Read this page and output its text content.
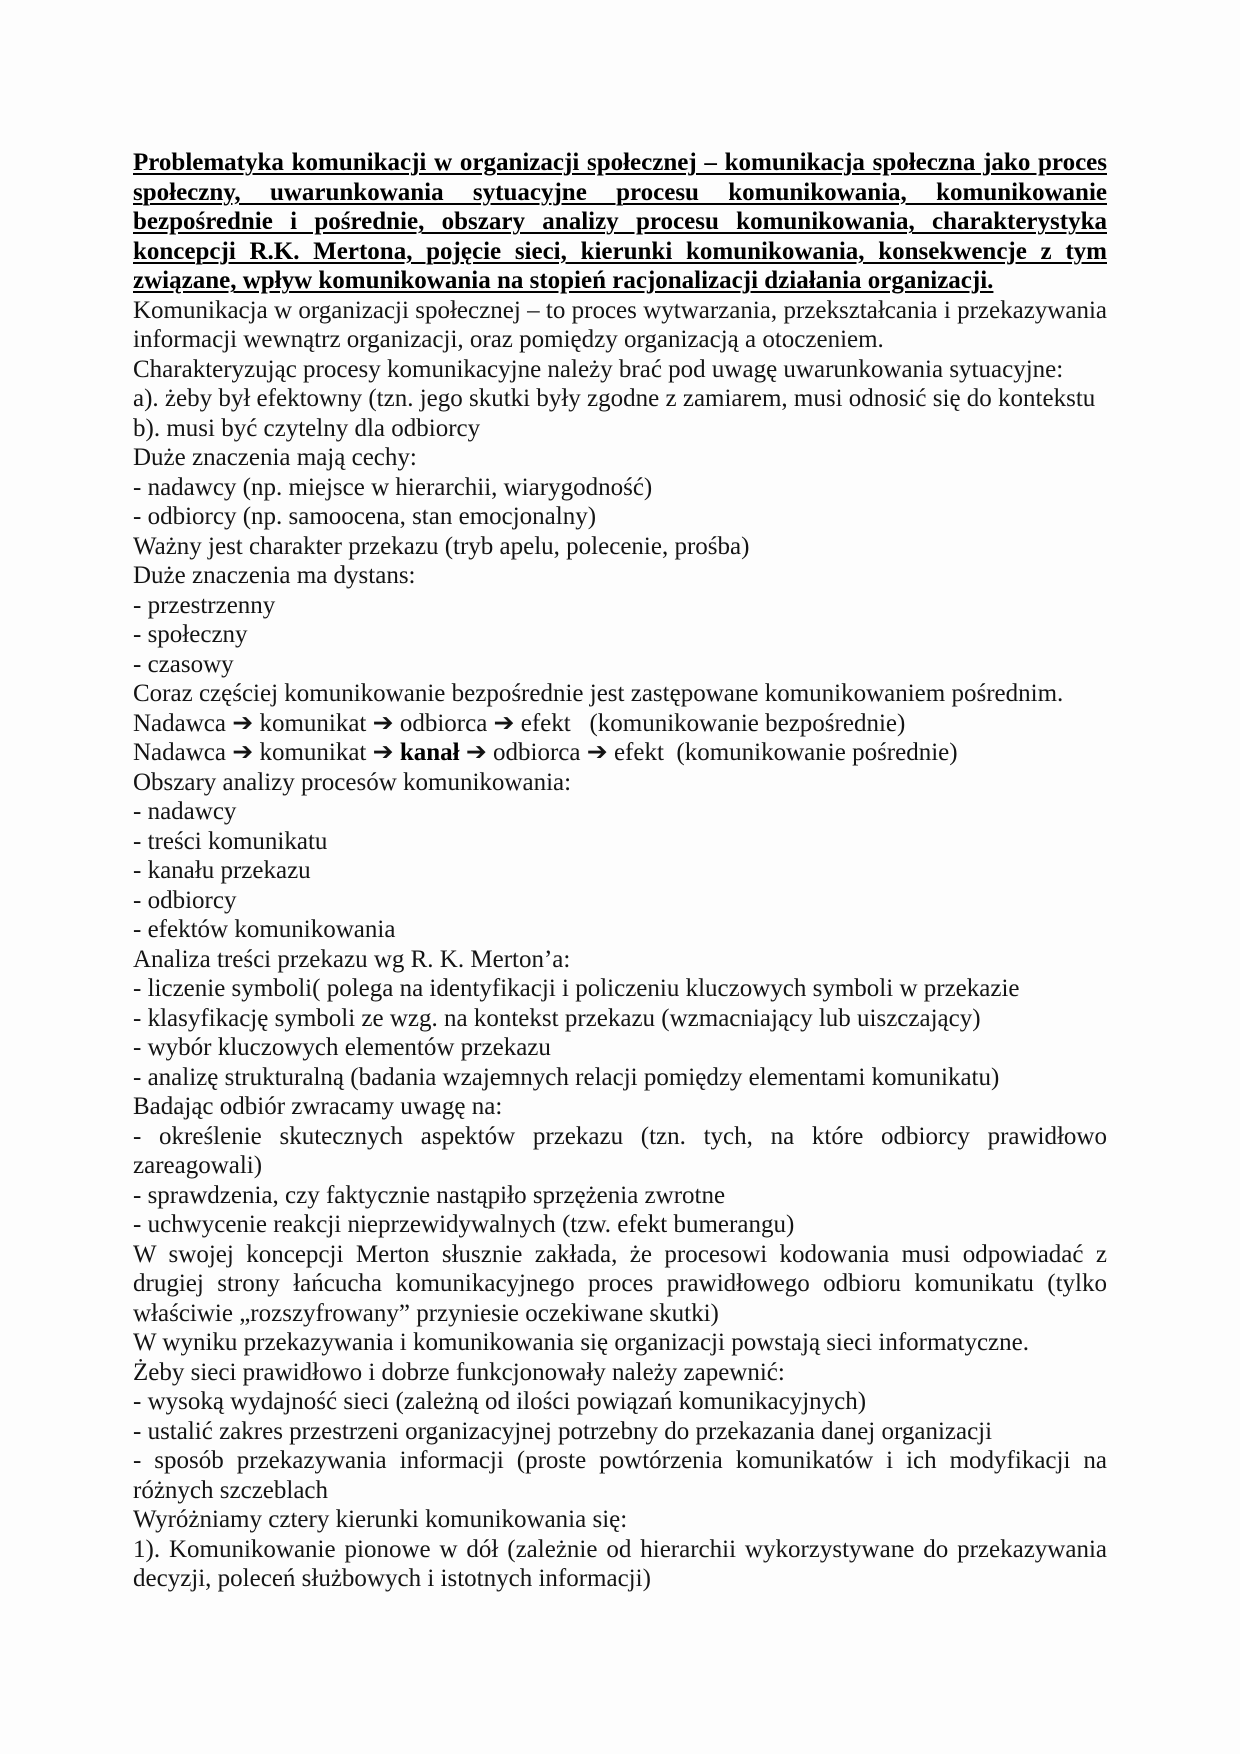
Problematyka komunikacji w organizacji społecznej – komunikacja społeczna jako proces społeczny, uwarunkowania sytuacyjne procesu komunikowania, komunikowanie bezpośrednie i pośrednie, obszary analizy procesu komunikowania, charakterystyka koncepcji R.K. Mertona, pojęcie sieci, kierunki komunikowania, konsekwencje z tym związane, wpływ komunikowania na stopień racjonalizacji działania organizacji.

Komunikacja w organizacji społecznej – to proces wytwarzania, przekształcania i przekazywania informacji wewnątrz organizacji, oraz pomiędzy organizacją a otoczeniem.

Charakteryzując procesy komunikacyjne należy brać pod uwagę uwarunkowania sytuacyjne:

a). żeby był efektowny (tzn. jego skutki były zgodne z zamiarem, musi odnosić się do kontekstu

b). musi być czytelny dla odbiorcy

Duże znaczenia mają cechy:

- nadawcy (np. miejsce w hierarchii, wiarygodność)

- odbiorcy (np. samoocena, stan emocjonalny)

Ważny jest charakter przekazu (tryb apelu, polecenie, prośba)

Duże znaczenia ma dystans:

- przestrzenny

- społeczny

- czasowy

Coraz częściej komunikowanie bezpośrednie jest zastępowane komunikowaniem pośrednim.

Nadawca ➔ komunikat ➔ odbiorca ➔ efekt   (komunikowanie bezpośrednie)

Nadawca ➔ komunikat ➔ kanał ➔ odbiorca ➔ efekt  (komunikowanie pośrednie)

Obszary analizy procesów komunikowania:

- nadawcy

- treści komunikatu

- kanału przekazu

- odbiorcy

- efektów komunikowania

Analiza treści przekazu wg R. K. Merton’a:

- liczenie symboli( polega na identyfikacji i policzeniu kluczowych symboli w przekazie

- klasyfikację symboli ze wzg. na kontekst przekazu (wzmacniający lub uiszczający)

- wybór kluczowych elementów przekazu

- analizę strukturalną (badania wzajemnych relacji pomiędzy elementami komunikatu)

Badając odbiór zwracamy uwagę na:

- określenie skutecznych aspektów przekazu (tzn. tych, na które odbiorcy prawidłowo zareagowali)

- sprawdzenia, czy faktycznie nastąpiło sprzężenia zwrotne

- uchwycenie reakcji nieprzewidywalnych (tzw. efekt bumerangu)

W swojej koncepcji Merton słusznie zakłada, że procesowi kodowania musi odpowiadać z drugiej strony łańcucha komunikacyjnego proces prawidłowego odbioru komunikatu (tylko właściwie „rozszyfrowany” przyniesie oczekiwane skutki)

W wyniku przekazywania i komunikowania się organizacji powstają sieci informatyczne.

Żeby sieci prawidłowo i dobrze funkcjonowały należy zapewnić:

- wysoką wydajność sieci (zależną od ilości powiązań komunikacyjnych)

- ustalić zakres przestrzeni organizacyjnej potrzebny do przekazania danej organizacji

- sposób przekazywania informacji (proste powtórzenia komunikatów i ich modyfikacji na różnych szczeblach

Wyróżniamy cztery kierunki komunikowania się:

1). Komunikowanie pionowe w dół (zależnie od hierarchii wykorzystywane do przekazywania decyzji, poleceń służbowych i istotnych informacji)
